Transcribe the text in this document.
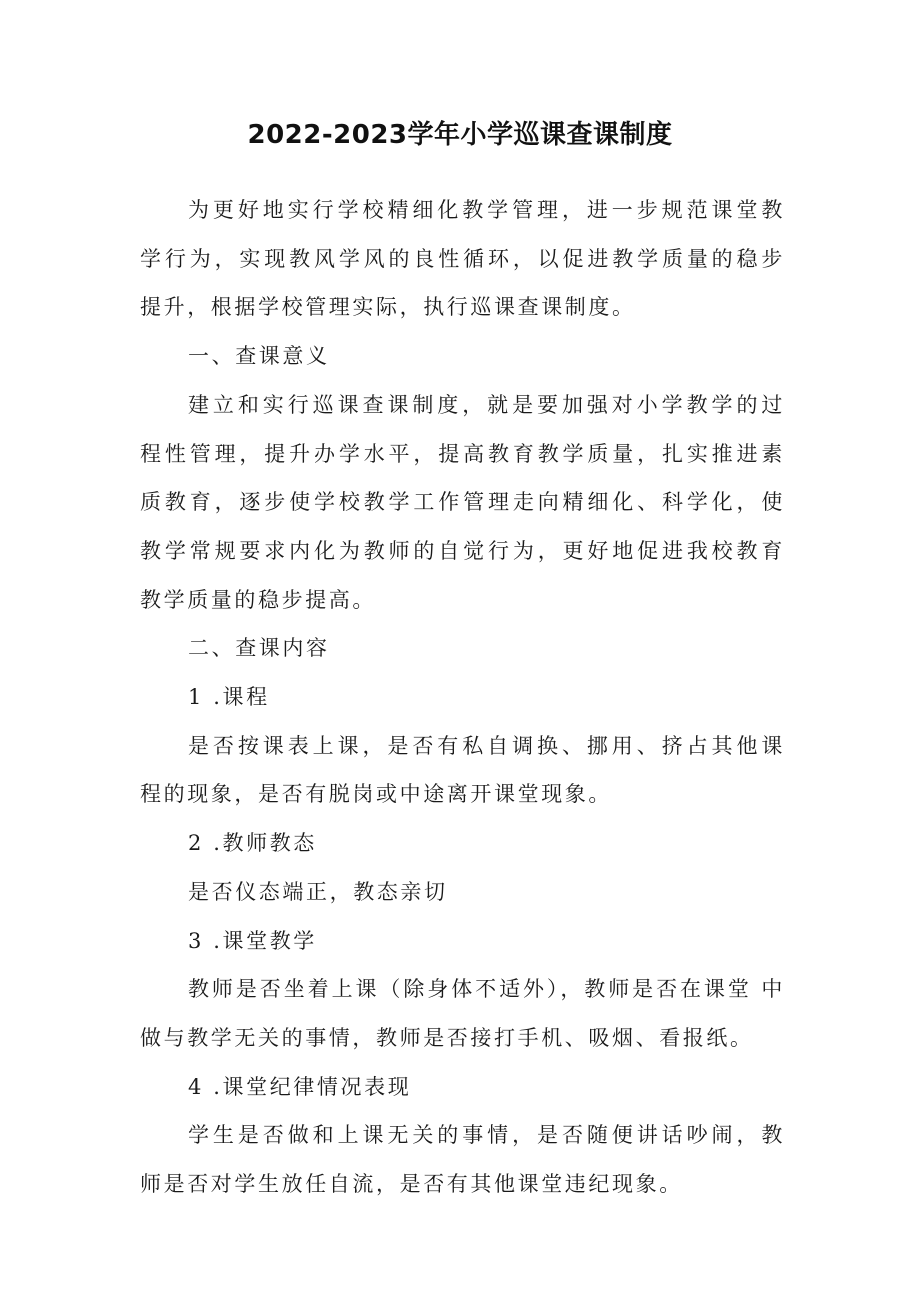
2022-2023学年小学巡课查课制度

为更好地实行学校精细化教学管理，进一步规范课堂教 学行为，实现教风学风的良性循环，以促进教学质量的稳步 提升，根据学校管理实际，执行巡课查课制度。

一、查课意义

建立和实行巡课查课制度，就是要加强对小学教学的过 程性管理，提升办学水平，提高教育教学质量，扎实推进素 质教育，逐步使学校教学工作管理走向精细化、科学化，使 教学常规要求内化为教师的自觉行为，更好地促进我校教育 教学质量的稳步提高。

二、查课内容

1 .课程

是否按课表上课，是否有私自调换、挪用、挤占其他课 程的现象，是否有脱岗或中途离开课堂现象。

2 .教师教态

是否仪态端正，教态亲切

3 .课堂教学

教师是否坐着上课（除身体不适外），教师是否在课堂 中做与教学无关的事情，教师是否接打手机、吸烟、看报纸。

4 .课堂纪律情况表现

学生是否做和上课无关的事情，是否随便讲话吵闹，教 师是否对学生放任自流，是否有其他课堂违纪现象。
